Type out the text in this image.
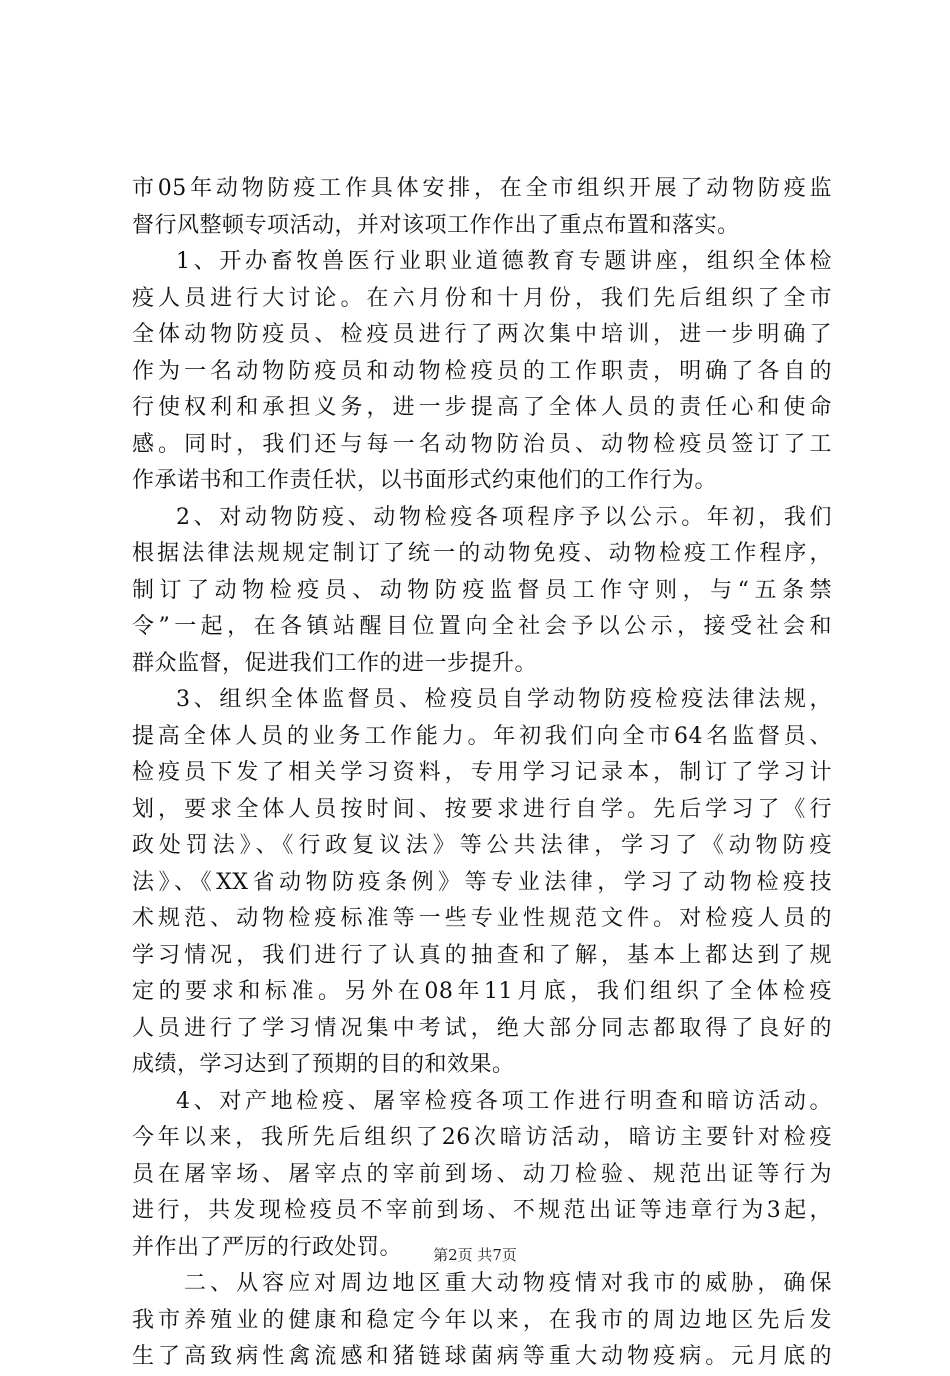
市05年动物防疫工作具体安排，在全市组织开展了动物防疫监
督行风整顿专项活动，并对该项工作作出了重点布置和落实。
1、开办畜牧兽医行业职业道德教育专题讲座，组织全体检
疫人员进行大讨论。在六月份和十月份，我们先后组织了全市
全体动物防疫员、检疫员进行了两次集中培训，进一步明确了
作为一名动物防疫员和动物检疫员的工作职责，明确了各自的
行使权利和承担义务，进一步提高了全体人员的责任心和使命
感。同时，我们还与每一名动物防治员、动物检疫员签订了工
作承诺书和工作责任状，以书面形式约束他们的工作行为。
2、对动物防疫、动物检疫各项程序予以公示。年初，我们
根据法律法规规定制订了统一的动物免疫、动物检疫工作程序，
制订了动物检疫员、动物防疫监督员工作守则，与“五条禁
令”一起，在各镇站醒目位置向全社会予以公示，接受社会和
群众监督，促进我们工作的进一步提升。
3、组织全体监督员、检疫员自学动物防疫检疫法律法规，
提高全体人员的业务工作能力。年初我们向全市64名监督员、
检疫员下发了相关学习资料，专用学习记录本，制订了学习计
划，要求全体人员按时间、按要求进行自学。先后学习了《行
政处罚法》、《行政复议法》等公共法律，学习了《动物防疫
法》、《XX省动物防疫条例》等专业法律，学习了动物检疫技
术规范、动物检疫标准等一些专业性规范文件。对检疫人员的
学习情况，我们进行了认真的抽查和了解，基本上都达到了规
定的要求和标准。另外在08年11月底，我们组织了全体检疫
人员进行了学习情况集中考试，绝大部分同志都取得了良好的
成绩，学习达到了预期的目的和效果。
4、对产地检疫、屠宰检疫各项工作进行明查和暗访活动。
今年以来，我所先后组织了26次暗访活动，暗访主要针对检疫
员在屠宰场、屠宰点的宰前到场、动刀检验、规范出证等行为
进行，共发现检疫员不宰前到场、不规范出证等违章行为3起，
并作出了严厉的行政处罚。
二、从容应对周边地区重大动物疫情对我市的威胁，确保
我市养殖业的健康和稳定今年以来，在我市的周边地区先后发
生了高致病性禽流感和猪链球菌病等重大动物疫病。元月底的
第2页 共7页
